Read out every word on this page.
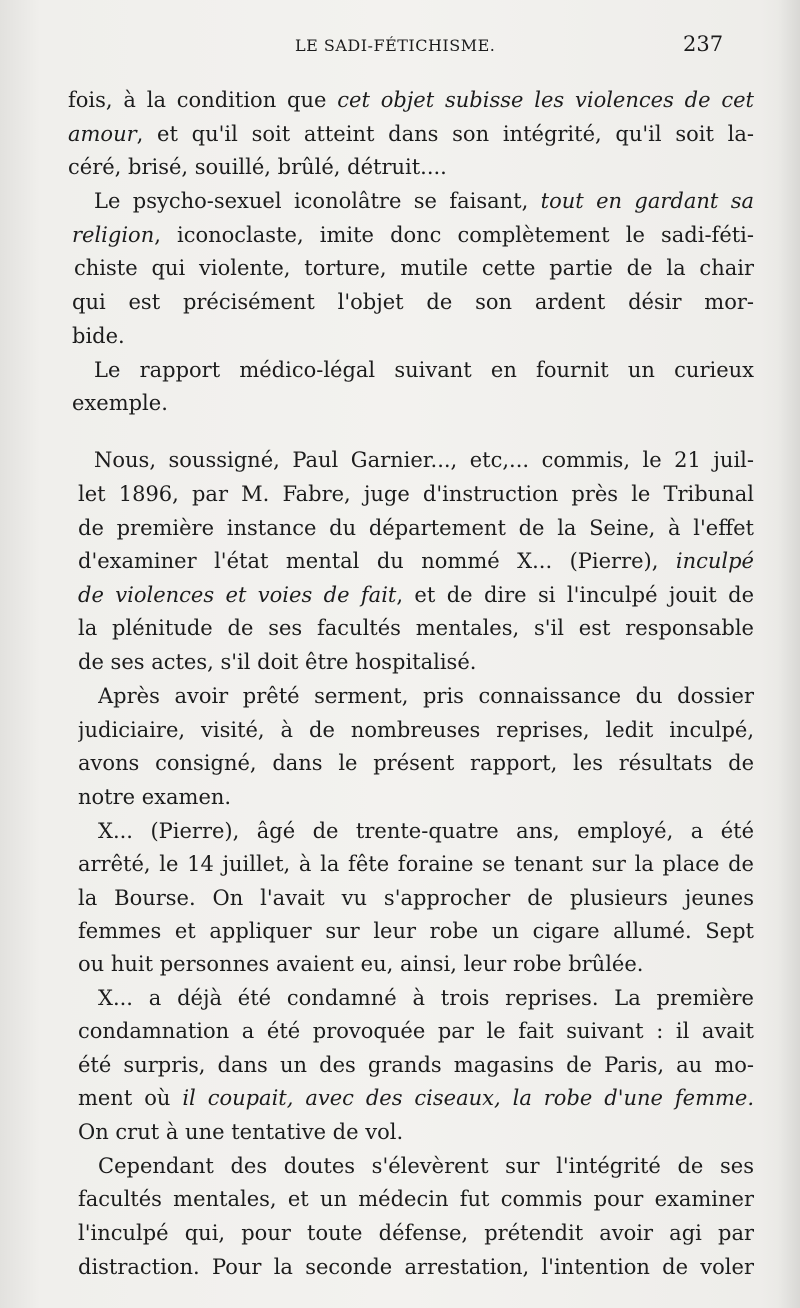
LE SADI-FÉTICHISME.	237
fois, à la condition que cet objet subisse les violences de cet
amour, et qu'il soit atteint dans son intégrité, qu'il soit la-
céré, brisé, souillé, brûlé, détruit....
Le psycho-sexuel iconolâtre se faisant, tout en gardant sa
religion, iconoclaste, imite donc complètement le sadi-féti-
chiste qui violente, torture, mutile cette partie de la chair
qui est précisément l'objet de son ardent désir mor-
bide.
Le rapport médico-légal suivant en fournit un curieux
exemple.
Nous, soussigné, Paul Garnier..., etc,... commis, le 21 juil-
let 1896, par M. Fabre, juge d'instruction près le Tribunal
de première instance du département de la Seine, à l'effet
d'examiner l'état mental du nommé X... (Pierre), inculpé
de violences et voies de fait, et de dire si l'inculpé jouit de
la plénitude de ses facultés mentales, s'il est responsable
de ses actes, s'il doit être hospitalisé.
Après avoir prêté serment, pris connaissance du dossier
judiciaire, visité, à de nombreuses reprises, ledit inculpé,
avons consigné, dans le présent rapport, les résultats de
notre examen.
X... (Pierre), âgé de trente-quatre ans, employé, a été
arrêté, le 14 juillet, à la fête foraine se tenant sur la place de
la Bourse. On l'avait vu s'approcher de plusieurs jeunes
femmes et appliquer sur leur robe un cigare allumé. Sept
ou huit personnes avaient eu, ainsi, leur robe brûlée.
X... a déjà été condamné à trois reprises. La première
condamnation a été provoquée par le fait suivant : il avait
été surpris, dans un des grands magasins de Paris, au mo-
ment où il coupait, avec des ciseaux, la robe d'une femme.
On crut à une tentative de vol.
Cependant des doutes s'élevèrent sur l'intégrité de ses
facultés mentales, et un médecin fut commis pour examiner
l'inculpé qui, pour toute défense, prétendit avoir agi par
distraction. Pour la seconde arrestation, l'intention de voler
